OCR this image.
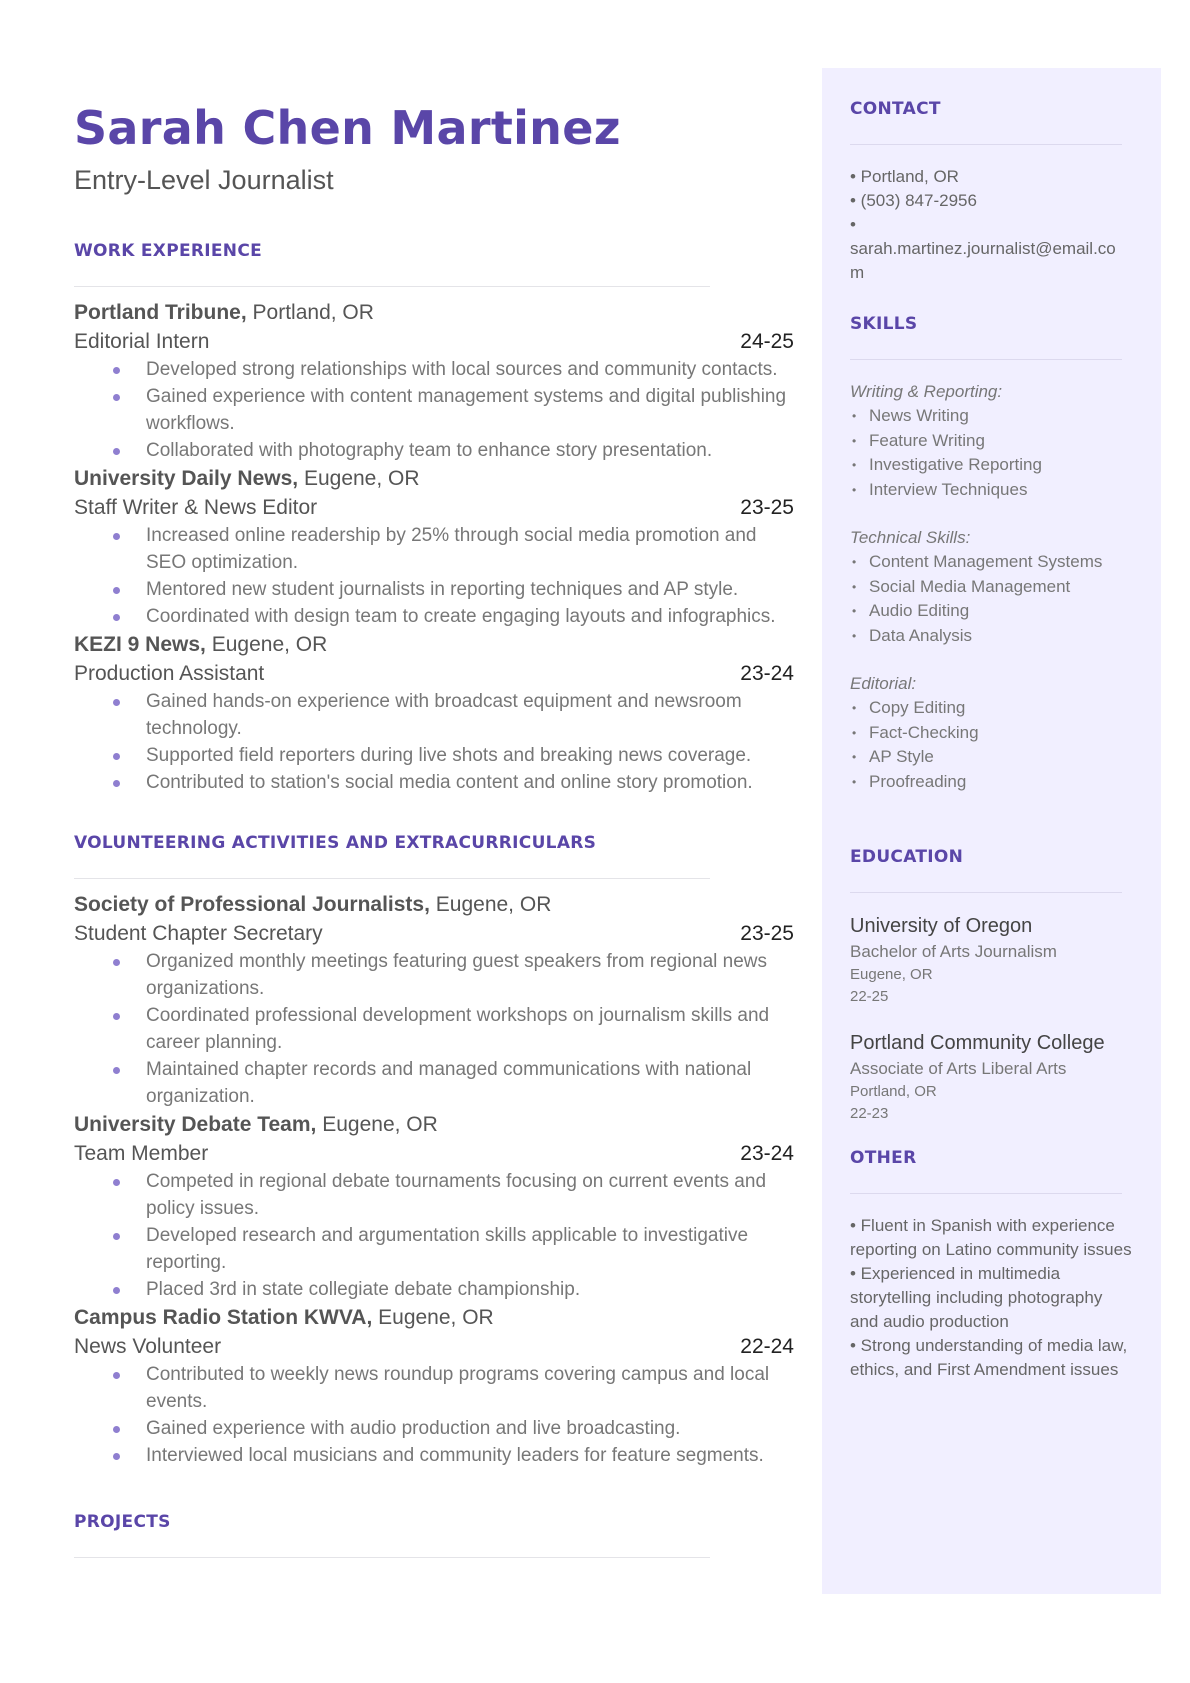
Sarah Chen Martinez
Entry-Level Journalist
WORK EXPERIENCE
Portland Tribune, Portland, OR
Editorial Intern	24-25
Developed strong relationships with local sources and community contacts.
Gained experience with content management systems and digital publishing workflows.
Collaborated with photography team to enhance story presentation.
University Daily News, Eugene, OR
Staff Writer & News Editor	23-25
Increased online readership by 25% through social media promotion and SEO optimization.
Mentored new student journalists in reporting techniques and AP style.
Coordinated with design team to create engaging layouts and infographics.
KEZI 9 News, Eugene, OR
Production Assistant	23-24
Gained hands-on experience with broadcast equipment and newsroom technology.
Supported field reporters during live shots and breaking news coverage.
Contributed to station's social media content and online story promotion.
VOLUNTEERING ACTIVITIES AND EXTRACURRICULARS
Society of Professional Journalists, Eugene, OR
Student Chapter Secretary	23-25
Organized monthly meetings featuring guest speakers from regional news organizations.
Coordinated professional development workshops on journalism skills and career planning.
Maintained chapter records and managed communications with national organization.
University Debate Team, Eugene, OR
Team Member	23-24
Competed in regional debate tournaments focusing on current events and policy issues.
Developed research and argumentation skills applicable to investigative reporting.
Placed 3rd in state collegiate debate championship.
Campus Radio Station KWVA, Eugene, OR
News Volunteer	22-24
Contributed to weekly news roundup programs covering campus and local events.
Gained experience with audio production and live broadcasting.
Interviewed local musicians and community leaders for feature segments.
PROJECTS
CONTACT
• Portland, OR
• (503) 847-2956
•
sarah.martinez.journalist@email.co
m
SKILLS
Writing & Reporting:
• News Writing
• Feature Writing
• Investigative Reporting
• Interview Techniques
Technical Skills:
• Content Management Systems
• Social Media Management
• Audio Editing
• Data Analysis
Editorial:
• Copy Editing
• Fact-Checking
• AP Style
• Proofreading
EDUCATION
University of Oregon
Bachelor of Arts Journalism
Eugene, OR
22-25
Portland Community College
Associate of Arts Liberal Arts
Portland, OR
22-23
OTHER
• Fluent in Spanish with experience reporting on Latino community issues
• Experienced in multimedia storytelling including photography and audio production
• Strong understanding of media law, ethics, and First Amendment issues
